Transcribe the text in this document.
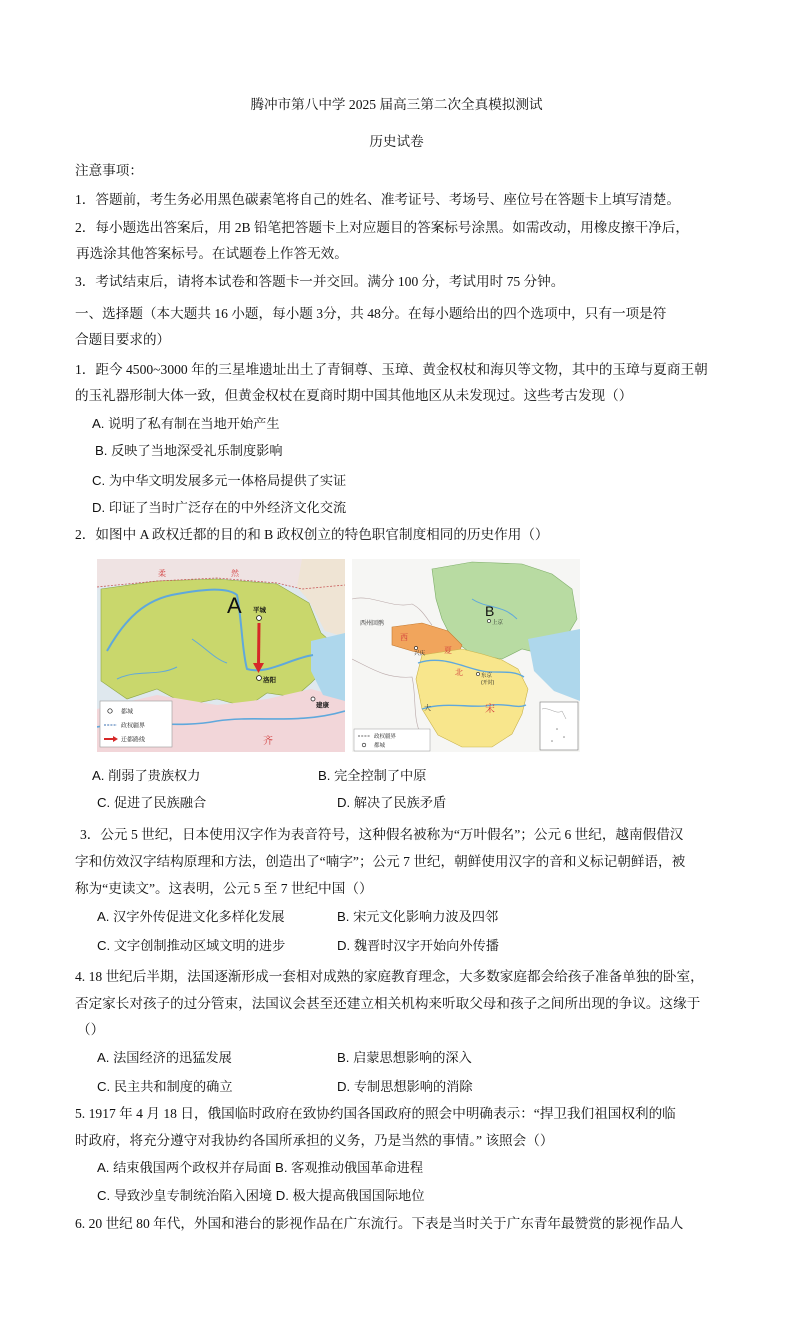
腾冲市第八中学 2025 届高三第二次全真模拟测试
历史试卷
注意事项：
1．答题前，考生务必用黑色碳素笔将自己的姓名、准考证号、考场号、座位号在答题卡上填写清楚。
2．每小题选出答案后，用 2B 铅笔把答题卡上对应题目的答案标号涂黑。如需改动，用橡皮擦干净后，
再选涂其他答案标号。在试题卷上作答无效。
3．考试结束后，请将本试卷和答题卡一并交回。满分 100 分，考试用时 75 分钟。
一、选择题（本大题共 16 小题，每小题 3分，共 48分。在每小题给出的四个选项中，只有一项是符
合题目要求的）
1．距今 4500~3000 年的三星堆遗址出土了青铜尊、玉璋、黄金权杖和海贝等文物，其中的玉璋与夏商王朝
的玉礼器形制大体一致，但黄金权杖在夏商时期中国其他地区从未发现过。这些考古发现（）
A. 说明了私有制在当地开始产生
B. 反映了当地深受礼乐制度影响
C. 为中华文明发展多元一体格局提供了实证
D. 印证了当时广泛存在的中外经济文化交流
2．如图中 A 政权迁都的目的和 B 政权创立的特色职官制度相同的历史作用（）
柔	然
A 平城
洛阳
建康
齐
都城
政权疆界
迁都路线
B
上京
西州回鹘
西
夏
兴庆
北	东京
(开封)
宋
大
政权疆界
都城
A. 削弱了贵族权力	B. 完全控制了中原
C. 促进了民族融合	D. 解决了民族矛盾
3．公元 5 世纪，日本使用汉字作为表音符号，这种假名被称为“万叶假名”；公元 6 世纪，越南假借汉
字和仿效汉字结构原理和方法，创造出了“喃字”；公元 7 世纪，朝鲜使用汉字的音和义标记朝鲜语，被
称为“吏读文”。这表明，公元 5 至 7 世纪中国（）
A. 汉字外传促进文化多样化发展	B. 宋元文化影响力波及四邻
C. 文字创制推动区域文明的进步	D. 魏晋时汉字开始向外传播
4. 18 世纪后半期，法国逐渐形成一套相对成熟的家庭教育理念，大多数家庭都会给孩子准备单独的卧室，
否定家长对孩子的过分管束，法国议会甚至还建立相关机构来听取父母和孩子之间所出现的争议。这缘于
（）
A. 法国经济的迅猛发展	B. 启蒙思想影响的深入
C. 民主共和制度的确立	D. 专制思想影响的消除
5. 1917 年 4 月 18 日，俄国临时政府在致协约国各国政府的照会中明确表示：“捍卫我们祖国权利的临
时政府，将充分遵守对我协约各国所承担的义务，乃是当然的事情。” 该照会（）
A. 结束俄国两个政权并存局面 B. 客观推动俄国革命进程
C. 导致沙皇专制统治陷入困境 D. 极大提高俄国国际地位
6. 20 世纪 80 年代，外国和港台的影视作品在广东流行。下表是当时关于广东青年最赞赏的影视作品人
